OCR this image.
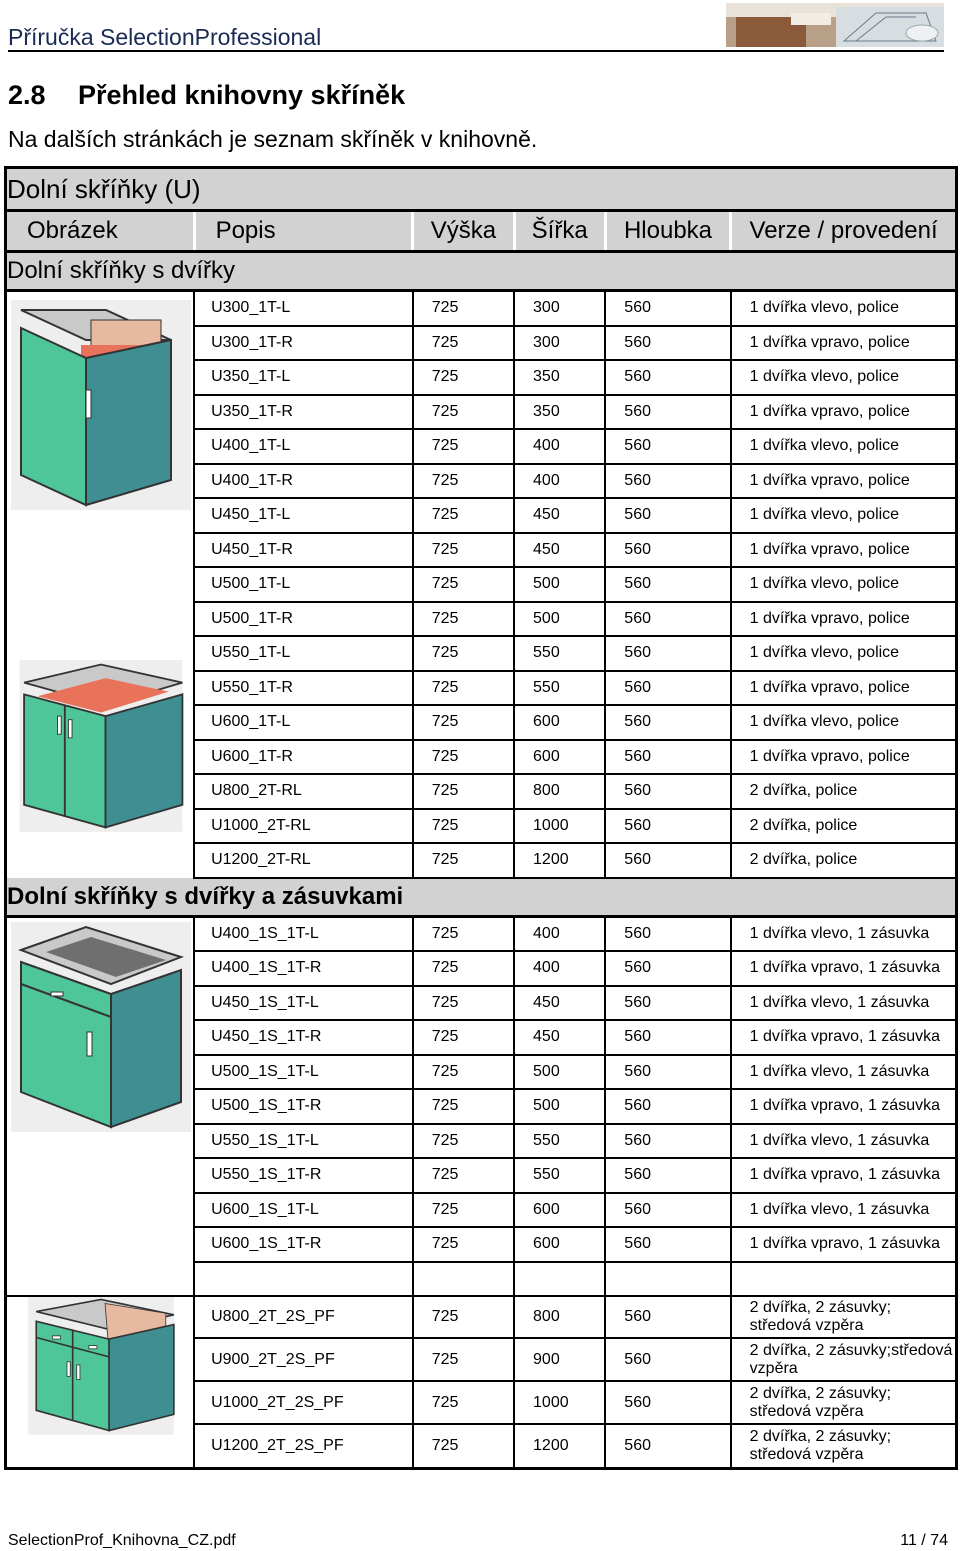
Příručka SelectionProfessional
2.8 Přehled knihovny skříněk
Na dalších stránkách je seznam skříněk v knihovně.
Dolní skříňky (U)					
Obrázek	Popis	Výška	Šířka	Hloubka	Verze / provedení
Dolní skříňky s dvířky					

	U300_1T-L	725	300	560	1 dvířka vlevo, police
	U300_1T-R	725	300	560	1 dvířka vpravo, police
	U350_1T-L	725	350	560	1 dvířka vlevo, police
	U350_1T-R	725	350	560	1 dvířka vpravo, police
	U400_1T-L	725	400	560	1 dvířka vlevo, police
	U400_1T-R	725	400	560	1 dvířka vpravo, police
	U450_1T-L	725	450	560	1 dvířka vlevo, police
	U450_1T-R	725	450	560	1 dvířka vpravo, police
	U500_1T-L	725	500	560	1 dvířka vlevo, police
	U500_1T-R	725	500	560	1 dvířka vpravo, police
	U550_1T-L	725	550	560	1 dvířka vlevo, police
	U550_1T-R	725	550	560	1 dvířka vpravo, police
	U600_1T-L	725	600	560	1 dvířka vlevo, police
	U600_1T-R	725	600	560	1 dvířka vpravo, police
	U800_2T-RL	725	800	560	2 dvířka, police
	U1000_2T-RL	725	1000	560	2 dvířka, police
	U1200_2T-RL	725	1200	560	2 dvířka, police
Dolní skříňky s dvířky a zásuvkami					

	U400_1S_1T-L	725	400	560	1 dvířka vlevo, 1 zásuvka
	U400_1S_1T-R	725	400	560	1 dvířka vpravo, 1 zásuvka
	U450_1S_1T-L	725	450	560	1 dvířka vlevo, 1 zásuvka
	U450_1S_1T-R	725	450	560	1 dvířka vpravo, 1 zásuvka
	U500_1S_1T-L	725	500	560	1 dvířka vlevo, 1 zásuvka
	U500_1S_1T-R	725	500	560	1 dvířka vpravo, 1 zásuvka
	U550_1S_1T-L	725	550	560	1 dvířka vlevo, 1 zásuvka
	U550_1S_1T-R	725	550	560	1 dvířka vpravo, 1 zásuvka
	U600_1S_1T-L	725	600	560	1 dvířka vlevo, 1 zásuvka
	U600_1S_1T-R	725	600	560	1 dvířka vpravo, 1 zásuvka

	U800_2T_2S_PF	725	800	560	2 dvířka, 2 zásuvky; středová vzpěra
	U900_2T_2S_PF	725	900	560	2 dvířka, 2 zásuvky;středová vzpěra
	U1000_2T_2S_PF	725	1000	560	2 dvířka, 2 zásuvky; středová vzpěra
	U1200_2T_2S_PF	725	1200	560	2 dvířka, 2 zásuvky; středová vzpěra
SelectionProf_Knihovna_CZ.pdf	11 / 74
